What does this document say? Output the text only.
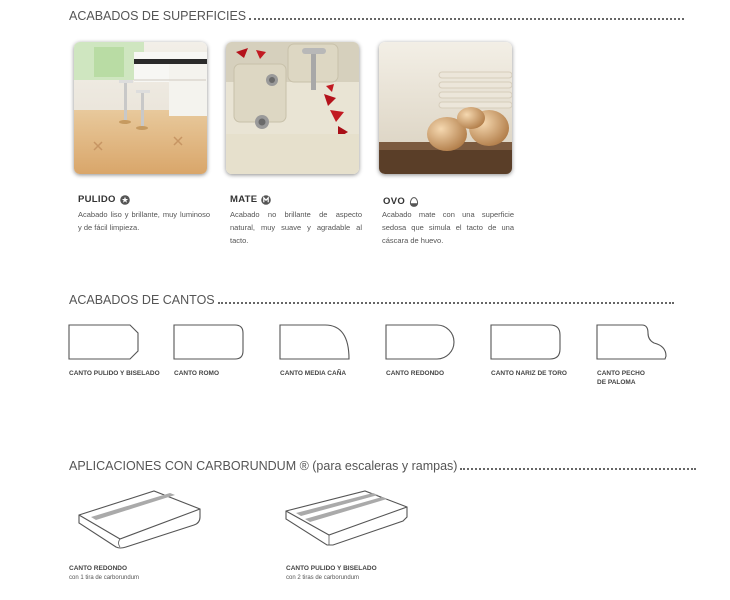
ACABADOS DE SUPERFICIES
PULIDO
Acabado liso y brillante, muy luminoso y de fácil limpieza.
MATE
Acabado no brillante de aspecto natural, muy suave y agradable al tacto.
OVO
Acabado mate con una superficie sedosa que simula el tacto de una cáscara de huevo.
ACABADOS DE CANTOS
CANTO PULIDO Y BISELADO CANTO ROMO	CANTO MEDIA CAÑA	CANTO REDONDO	CANTO NARIZ DE TORO	CANTO PECHO
DE PALOMA
APLICACIONES CON CARBORUNDUM ® (para escaleras y rampas)
CANTO REDONDO
con 1 tira de carborundum
CANTO PULIDO Y BISELADO
con 2 tiras de carborundum
